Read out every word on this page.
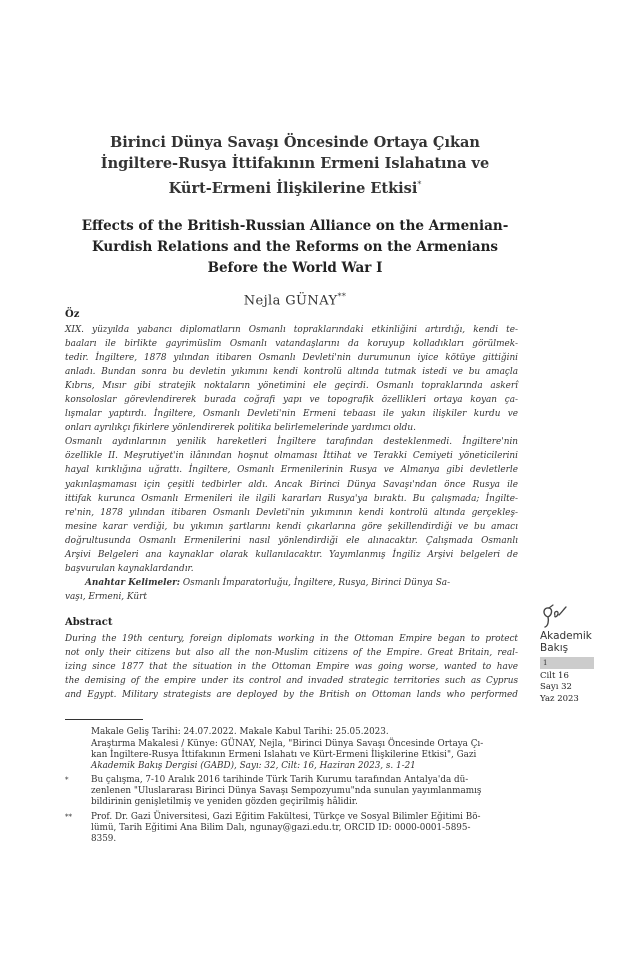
Birinci Dünya Savaşı Öncesinde Ortaya Çıkan
İngiltere-Rusya İttifakının Ermeni Islahatına ve
Kürt-Ermeni İlişkilerine Etkisi*
Effects of the British-Russian Alliance on the Armenian-
Kurdish Relations and the Reforms on the Armenians
Before the World War I
Nejla GÜNAY**
Öz

XIX. yüzyılda yabancı diplomatların Osmanlı topraklarındaki etkinliğini artırdığı, kendi te-
baaları ile birlikte gayrimüslim Osmanlı vatandaşlarını da koruyup kolladıkları görülmek-
tedir. İngiltere, 1878 yılından itibaren Osmanlı Devleti'nin durumunun iyice kötüye gittiğini
anladı. Bundan sonra bu devletin yıkımını kendi kontrolü altında tutmak istedi ve bu amaçla
Kıbrıs, Mısır gibi stratejik noktaların yönetimini ele geçirdi. Osmanlı topraklarında askerî
konsoloslar görevlendirerek burada coğrafi yapı ve topografik özellikleri ortaya koyan ça-
lışmalar yaptırdı. İngiltere, Osmanlı Devleti'nin Ermeni tebaası ile yakın ilişkiler kurdu ve
onları ayrılıkçı fikirlere yönlendirerek politika belirlemelerinde yardımcı oldu.

Osmanlı aydınlarının yenilik hareketleri İngiltere tarafından desteklenmedi. İngiltere'nin
özellikle II. Meşrutiyet'in ilânından hoşnut olmaması İttihat ve Terakki Cemiyeti yöneticilerini
hayal kırıklığına uğrattı. İngiltere, Osmanlı Ermenilerinin Rusya ve Almanya gibi devletlerle
yakınlaşmaması için çeşitli tedbirler aldı. Ancak Birinci Dünya Savaşı'ndan önce Rusya ile
ittifak kurunca Osmanlı Ermenileri ile ilgili kararları Rusya'ya bıraktı. Bu çalışmada; İngilte-
re'nin, 1878 yılından itibaren Osmanlı Devleti'nin yıkımının kendi kontrolü altında gerçekleş-
mesine karar verdiği, bu yıkımın şartlarını kendi çıkarlarına göre şekillendirdiği ve bu amacı
doğrultusunda Osmanlı Ermenilerini nasıl yönlendirdiği ele alınacaktır. Çalışmada Osmanlı
Arşivi Belgeleri ana kaynaklar olarak kullanılacaktır. Yayımlanmış İngiliz Arşivi belgeleri de
başvurulan kaynaklardandır.

Anahtar Kelimeler: Osmanlı İmparatorluğu, İngiltere, Rusya, Birinci Dünya Sa-
vaşı, Ermeni, Kürt

Abstract

During the 19th century, foreign diplomats working in the Ottoman Empire began to protect
not only their citizens but also all the non-Muslim citizens of the Empire. Great Britain, real-
izing since 1877 that the situation in the Ottoman Empire was going worse, wanted to have
the demising of the empire under its control and invaded strategic territories such as Cyprus
and Egypt. Military strategists are deployed by the British on Ottoman lands who performed

Makale Geliş Tarihi: 24.07.2022. Makale Kabul Tarihi: 25.05.2023.
Araştırma Makalesi / Künye: GÜNAY, Nejla, "Birinci Dünya Savaşı Öncesinde Ortaya Çı-
kan İngiltere-Rusya İttifakının Ermeni Islahatı ve Kürt-Ermeni İlişkilerine Etkisi", Gazi
Akademik Bakış Dergisi (GABD), Sayı: 32, Cilt: 16, Haziran 2023, s. 1-21
*	Bu çalışma, 7-10 Aralık 2016 tarihinde Türk Tarih Kurumu tarafından Antalya'da dü-
zenlenen "Uluslararası Birinci Dünya Savaşı Sempozyumu"nda sunulan yayımlanmamış
bildirinin genişletilmiş ve yeniden gözden geçirilmiş hâlidir.
**	Prof. Dr. Gazi Üniversitesi, Gazi Eğitim Fakültesi, Türkçe ve Sosyal Bilimler Eğitimi Bö-
lümü, Tarih Eğitimi Ana Bilim Dalı, ngunay@gazi.edu.tr, ORCID ID: 0000-0001-5895-
8359.
Akademik
Bakış
1
Cilt 16
Sayı 32
Yaz 2023
